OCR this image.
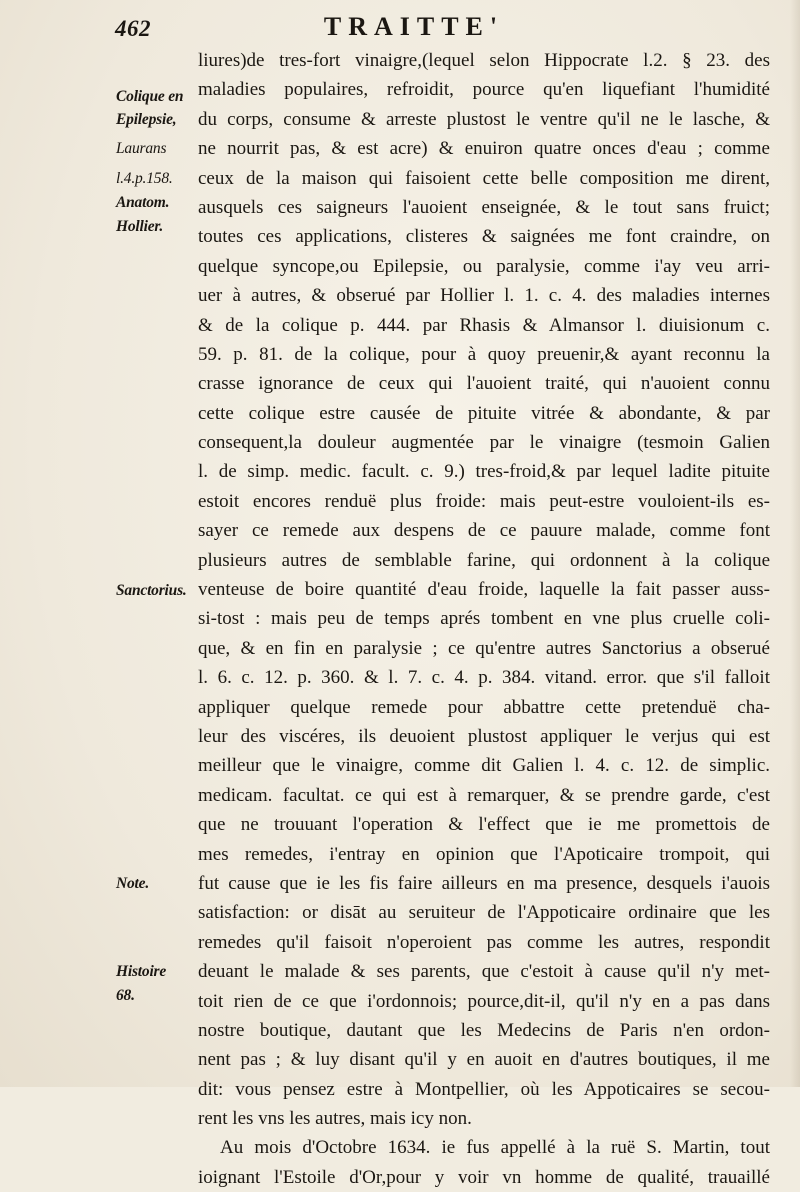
462	TRAITTE'
Colique en
Epilepsie,
Laurans
l.4.p.158.
Anatom.
Hollier.
Sanctorius.
Note.
Histoire
68.
liures)de tres-fort vinaigre,(lequel selon Hippocrate l.2. § 23. des
maladies populaires, refroidit, pource qu'en liquefiant l'humidité
du corps, consume & arreste plustost le ventre qu'il ne le lasche, &
ne nourrit pas, & est acre) & enuiron quatre onces d'eau ; comme
ceux de la maison qui faisoient cette belle composition me dirent,
ausquels ces saigneurs l'auoient enseignée, & le tout sans fruict;
toutes ces applications, clisteres & saignées me font craindre, on
quelque syncope,ou Epilepsie, ou paralysie, comme i'ay veu arri-
uer à autres, & obserué par Hollier l. 1. c. 4. des maladies internes
& de la colique p. 444. par Rhasis & Almansor l. diuisionum c.
59. p. 81. de la colique, pour à quoy preuenir,& ayant reconnu la
crasse ignorance de ceux qui l'auoient traité, qui n'auoient connu
cette colique estre causée de pituite vitrée & abondante, & par
consequent,la douleur augmentée par le vinaigre (tesmoin Galien
l. de simp. medic. facult. c. 9.) tres-froid,& par lequel ladite pituite
estoit encores renduë plus froide: mais peut-estre vouloient-ils es-
sayer ce remede aux despens de ce pauure malade, comme font
plusieurs autres de semblable farine, qui ordonnent à la colique
venteuse de boire quantité d'eau froide, laquelle la fait passer auss-
si-tost : mais peu de temps aprés tombent en vne plus cruelle coli-
que, & en fin en paralysie ; ce qu'entre autres Sanctorius a obserué
l. 6. c. 12. p. 360. & l. 7. c. 4. p. 384. vitand. error. que s'il falloit
appliquer quelque remede pour abbattre cette pretenduë cha-
leur des viscéres, ils deuoient plustost appliquer le verjus qui est
meilleur que le vinaigre, comme dit Galien l. 4. c. 12. de simplic.
medicam. facultat. ce qui est à remarquer, & se prendre garde, c'est
que ne trouuant l'operation & l'effect que ie me promettois de
mes remedes, i'entray en opinion que l'Apoticaire trompoit, qui
fut cause que ie les fis faire ailleurs en ma presence, desquels i'auois
satisfaction: or disāt au seruiteur de l'Appoticaire ordinaire que les
remedes qu'il faisoit n'operoient pas comme les autres, respondit
deuant le malade & ses parents, que c'estoit à cause qu'il n'y met-
toit rien de ce que i'ordonnois; pource,dit-il, qu'il n'y en a pas dans
nostre boutique, dautant que les Medecins de Paris n'en ordon-
nent pas ; & luy disant qu'il y en auoit en d'autres boutiques, il me
dit: vous pensez estre à Montpellier, où les Appoticaires se secou-
rent les vns les autres, mais icy non.
Au mois d'Octobre 1634. ie fus appellé à la ruë S. Martin, tout
ioignant l'Estoile d'Or,pour y voir vn homme de qualité, trauaillé
